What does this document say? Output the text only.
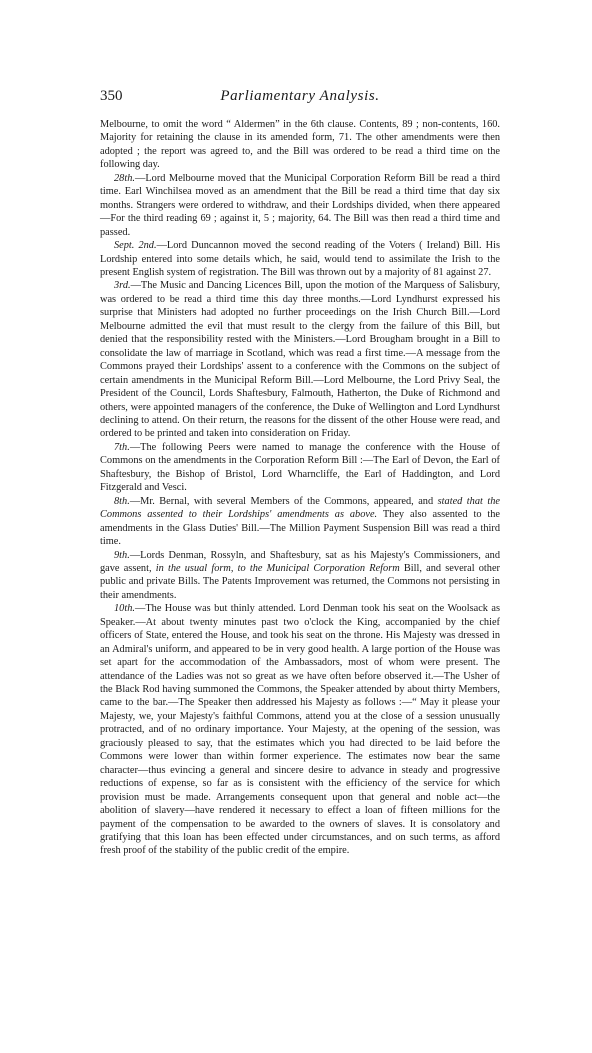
350	Parliamentary Analysis.

Melbourne, to omit the word “ Aldermen” in the 6th clause. Contents, 89 ; non-contents, 160. Majority for retaining the clause in its amended form, 71. The other amendments were then adopted ; the report was agreed to, and the Bill was ordered to be read a third time on the following day.

28th.—Lord Melbourne moved that the Municipal Corporation Reform Bill be read a third time. Earl Winchilsea moved as an amendment that the Bill be read a third time that day six months. Strangers were ordered to withdraw, and their Lordships divided, when there appeared—For the third reading 69 ; against it, 5 ; majority, 64. The Bill was then read a third time and passed.

Sept. 2nd.—Lord Duncannon moved the second reading of the Voters ( Ireland) Bill. His Lordship entered into some details which, he said, would tend to assimilate the Irish to the present English system of registration. The Bill was thrown out by a majority of 81 against 27.

3rd.—The Music and Dancing Licences Bill, upon the motion of the Marquess of Salisbury, was ordered to be read a third time this day three months.—Lord Lyndhurst expressed his surprise that Ministers had adopted no further proceedings on the Irish Church Bill.—Lord Melbourne admitted the evil that must result to the clergy from the failure of this Bill, but denied that the responsibility rested with the Ministers.—Lord Brougham brought in a Bill to consolidate the law of marriage in Scotland, which was read a first time.—A message from the Commons prayed their Lordships' assent to a conference with the Commons on the subject of certain amendments in the Municipal Reform Bill.—Lord Melbourne, the Lord Privy Seal, the President of the Council, Lords Shaftesbury, Falmouth, Hatherton, the Duke of Richmond and others, were appointed managers of the conference, the Duke of Wellington and Lord Lyndhurst declining to attend. On their return, the reasons for the dissent of the other House were read, and ordered to be printed and taken into consideration on Friday.

7th.—The following Peers were named to manage the conference with the House of Commons on the amendments in the Corporation Reform Bill :—The Earl of Devon, the Earl of Shaftesbury, the Bishop of Bristol, Lord Wharncliffe, the Earl of Haddington, and Lord Fitzgerald and Vesci.

8th.—Mr. Bernal, with several Members of the Commons, appeared, and stated that the Commons assented to their Lordships' amendments as above. They also assented to the amendments in the Glass Duties' Bill.—The Million Payment Suspension Bill was read a third time.

9th.—Lords Denman, Rossyln, and Shaftesbury, sat as his Majesty's Commissioners, and gave assent, in the usual form, to the Municipal Corporation Reform Bill, and several other public and private Bills. The Patents Improvement was returned, the Commons not persisting in their amendments.

10th.—The House was but thinly attended. Lord Denman took his seat on the Woolsack as Speaker.—At about twenty minutes past two o'clock the King, accompanied by the chief officers of State, entered the House, and took his seat on the throne. His Majesty was dressed in an Admiral's uniform, and appeared to be in very good health. A large portion of the House was set apart for the accommodation of the Ambassadors, most of whom were present. The attendance of the Ladies was not so great as we have often before observed it.—The Usher of the Black Rod having summoned the Commons, the Speaker attended by about thirty Members, came to the bar.—The Speaker then addressed his Majesty as follows :—“ May it please your Majesty, we, your Majesty's faithful Commons, attend you at the close of a session unusually protracted, and of no ordinary importance. Your Majesty, at the opening of the session, was graciously pleased to say, that the estimates which you had directed to be laid before the Commons were lower than within former experience. The estimates now bear the same character—thus evincing a general and sincere desire to advance in steady and progressive reductions of expense, so far as is consistent with the efficiency of the service for which provision must be made. Arrangements consequent upon that general and noble act—the abolition of slavery—have rendered it necessary to effect a loan of fifteen millions for the payment of the compensation to be awarded to the owners of slaves. It is consolatory and gratifying that this loan has been effected under circumstances, and on such terms, as afford fresh proof of the stability of the public credit of the empire.
